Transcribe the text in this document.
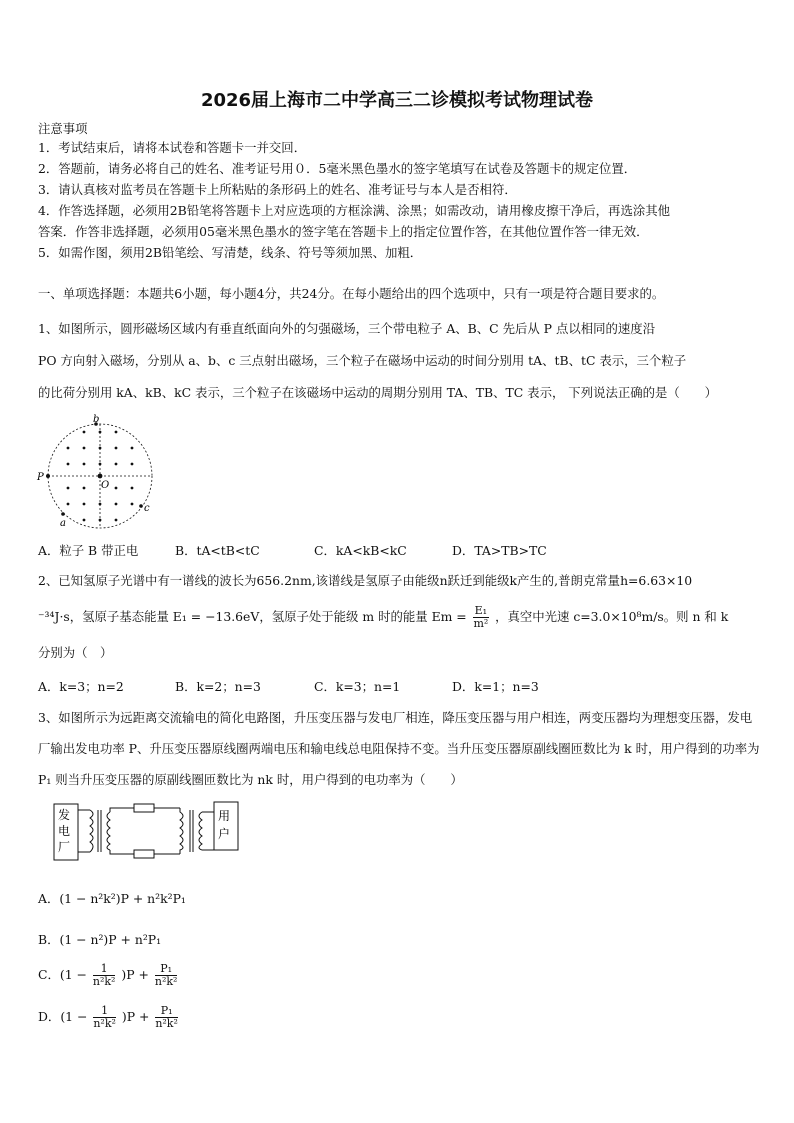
2026届上海市二中学高三二诊模拟考试物理试卷
注意事项
1．考试结束后，请将本试卷和答题卡一并交回．
2．答题前，请务必将自己的姓名、准考证号用０．5毫米黑色墨水的签字笔填写在试卷及答题卡的规定位置．
3．请认真核对监考员在答题卡上所粘贴的条形码上的姓名、准考证号与本人是否相符．
4．作答选择题，必须用2B铅笔将答题卡上对应选项的方框涂满、涂黑；如需改动，请用橡皮擦干净后，再选涂其他
答案．作答非选择题，必须用05毫米黑色墨水的签字笔在答题卡上的指定位置作答，在其他位置作答一律无效．
5．如需作图，须用2B铅笔绘、写清楚，线条、符号等须加黑、加粗．
一、单项选择题：本题共6小题，每小题4分，共24分。在每小题给出的四个选项中，只有一项是符合题目要求的。
1、如图所示，圆形磁场区域内有垂直纸面向外的匀强磁场，三个带电粒子 A、B、C 先后从 P 点以相同的速度沿
PO 方向射入磁场，分别从 a、b、c 三点射出磁场，三个粒子在磁场中运动的时间分别用 tA、tB、tC 表示，三个粒子
的比荷分别用 kA、kB、kC 表示，三个粒子在该磁场中运动的周期分别用 TA、TB、TC 表示， 下列说法正确的是（　　）
b
P
O
a
c
A．粒子 B 带正电	B．tA<tB<tC	C．kA<kB<kC	D．TA>TB>TC
2、已知氢原子光谱中有一谱线的波长为656.2nm,该谱线是氢原子由能级n跃迁到能级k产生的,普朗克常量h=6.63×10
⁻³⁴J·s，氢原子基态能量 E₁ = −13.6eV，氢原子处于能级 m 时的能量 $Em = \frac{\text{E₁}}{\text{m²}}$ ，真空中光速 c=3.0×10⁸m/s。则 n 和 k
分别为（　）
A．k=3；n=2	B．k=2；n=3	C．k=3；n=1	D．k=1；n=3
3、如图所示为远距离交流输电的简化电路图，升压变压器与发电厂相连，降压变压器与用户相连，两变压器均为理想变压器，发电厂输出发电功率 P、升压变压器原线圈两端电压和输电线总电阻保持不变。当升压变压器原副线圈匝数比为 k 时，用户得到的功率为 P₁ 则当升压变压器的原副线圈匝数比为 nk 时，用户得到的电功率为（　　）
发
电
厂
用
户
A．(1 − n²k²)P + n²k²P₁
B．(1 − n²)P + n²P₁
C．$(1 - \frac{1}{\text{n²k²}} )P + \frac{\text{P₁}}{\text{n²k²}}$
D．$(1 - \frac{1}{\text{n²k²}} )P + \frac{\text{P₁}}{\text{n²k²}}$
